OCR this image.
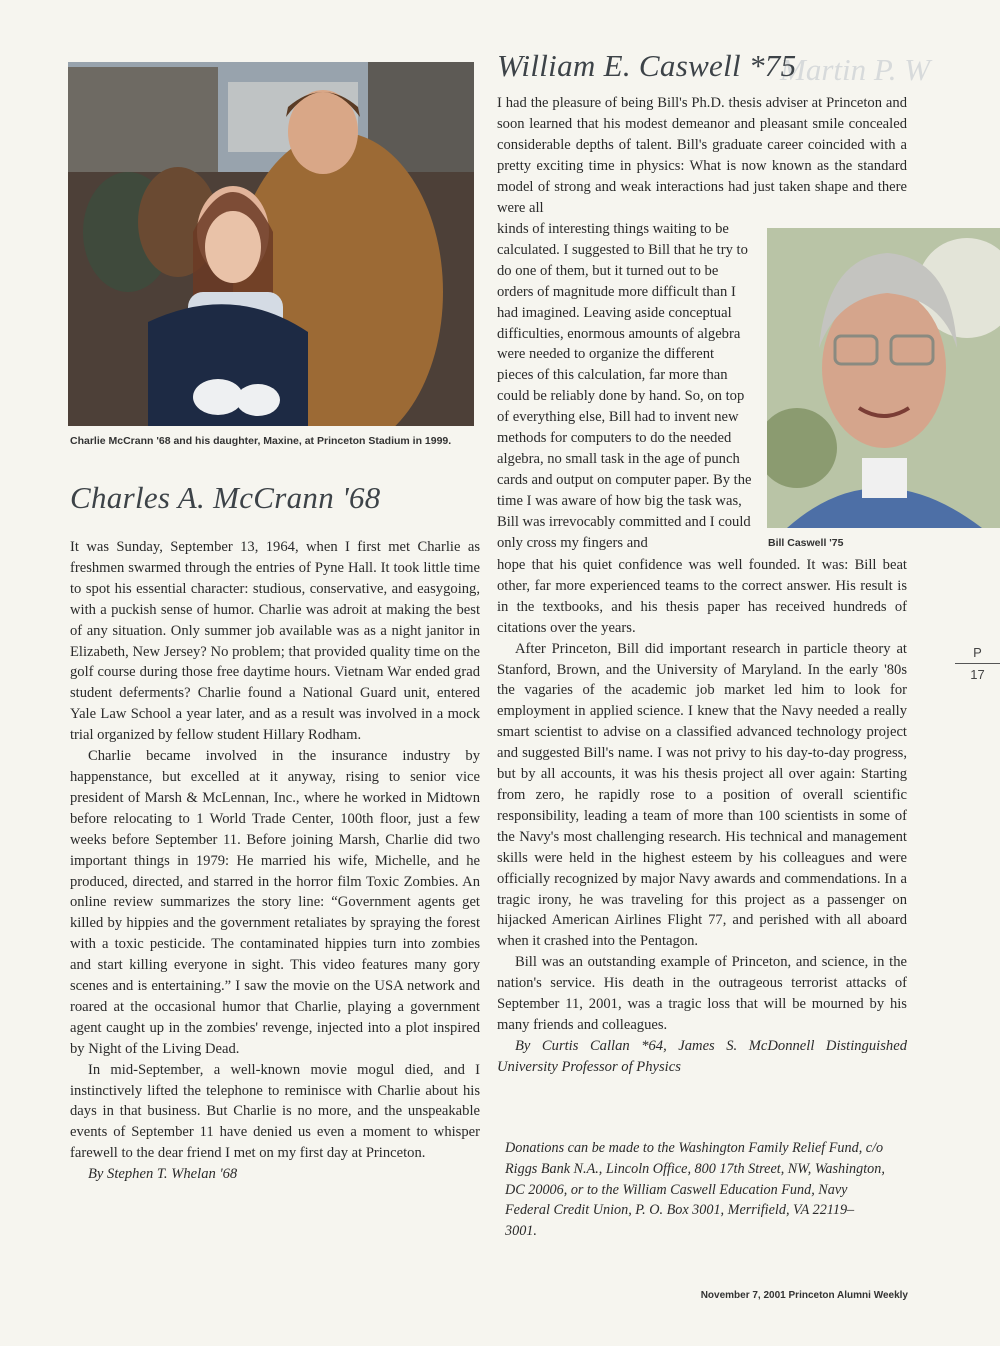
Charlie McCrann '68 and his daughter, Maxine, at Princeton Stadium in 1999.
Charles A. McCrann '68

It was Sunday, September 13, 1964, when I first met Charlie as freshmen swarmed through the entries of Pyne Hall. It took little time to spot his essential character: studious, conservative, and easygoing, with a puckish sense of humor. Charlie was adroit at making the best of any situation. Only summer job available was as a night janitor in Elizabeth, New Jersey? No problem; that provided quality time on the golf course during those free daytime hours. Vietnam War ended grad student deferments? Charlie found a National Guard unit, entered Yale Law School a year later, and as a result was involved in a mock trial organized by fellow student Hillary Rodham.

Charlie became involved in the insurance industry by happenstance, but excelled at it anyway, rising to senior vice president of Marsh & McLennan, Inc., where he worked in Midtown before relocating to 1 World Trade Center, 100th floor, just a few weeks before September 11. Before joining Marsh, Charlie did two important things in 1979: He married his wife, Michelle, and he produced, directed, and starred in the horror film Toxic Zombies. An online review summarizes the story line: “Government agents get killed by hippies and the government retaliates by spraying the forest with a toxic pesticide. The contaminated hippies turn into zombies and start killing everyone in sight. This video features many gory scenes and is entertaining.” I saw the movie on the USA network and roared at the occasional humor that Charlie, playing a government agent caught up in the zombies' revenge, injected into a plot inspired by Night of the Living Dead.

In mid-September, a well-known movie mogul died, and I instinctively lifted the telephone to reminisce with Charlie about his days in that business. But Charlie is no more, and the unspeakable events of September 11 have denied us even a moment to whisper farewell to the dear friend I met on my first day at Princeton.

By Stephen T. Whelan '68

Martin P. W
William E. Caswell *75

I had the pleasure of being Bill's Ph.D. thesis adviser at Princeton and soon learned that his modest demeanor and pleasant smile concealed considerable depths of talent. Bill's graduate career coincided with a pretty exciting time in physics: What is now known as the standard model of strong and weak interactions had just taken shape and there were all

kinds of interesting things waiting to be calculated. I suggested to Bill that he try to do one of them, but it turned out to be orders of magnitude more difficult than I had imagined. Leaving aside conceptual difficulties, enormous amounts of algebra were needed to organize the different pieces of this calculation, far more than could be reliably done by hand. So, on top of everything else, Bill had to invent new methods for computers to do the needed algebra, no small task in the age of punch cards and output on computer paper. By the time I was aware of how big the task was, Bill was irrevocably committed and I could only cross my fingers and	Bill Caswell '75

hope that his quiet confidence was well founded. It was: Bill beat other, far more experienced teams to the correct answer. His result is in the textbooks, and his thesis paper has received hundreds of citations over the years.

After Princeton, Bill did important research in particle theory at Stanford, Brown, and the University of Maryland. In the early '80s the vagaries of the academic job market led him to look for employment in applied science. I knew that the Navy needed a really smart scientist to advise on a classified advanced technology project and suggested Bill's name. I was not privy to his day-to-day progress, but by all accounts, it was his thesis project all over again: Starting from zero, he rapidly rose to a position of overall scientific responsibility, leading a team of more than 100 scientists in some of the Navy's most challenging research. His technical and management skills were held in the highest esteem by his colleagues and were officially recognized by major Navy awards and commendations. In a tragic irony, he was traveling for this project as a passenger on hijacked American Airlines Flight 77, and perished with all aboard when it crashed into the Pentagon.

Bill was an outstanding example of Princeton, and science, in the nation's service. His death in the outrageous terrorist attacks of September 11, 2001, was a tragic loss that will be mourned by his many friends and colleagues.

By Curtis Callan *64, James S. McDonnell Distinguished University Professor of Physics

Donations can be made to the Washington Family Relief Fund, c/o Riggs Bank N.A., Lincoln Office, 800 17th Street, NW, Washington, DC 20006, or to the William Caswell Education Fund, Navy Federal Credit Union, P. O. Box 3001, Merrifield, VA 22119–3001.
P
17
November 7, 2001 Princeton Alumni Weekly
